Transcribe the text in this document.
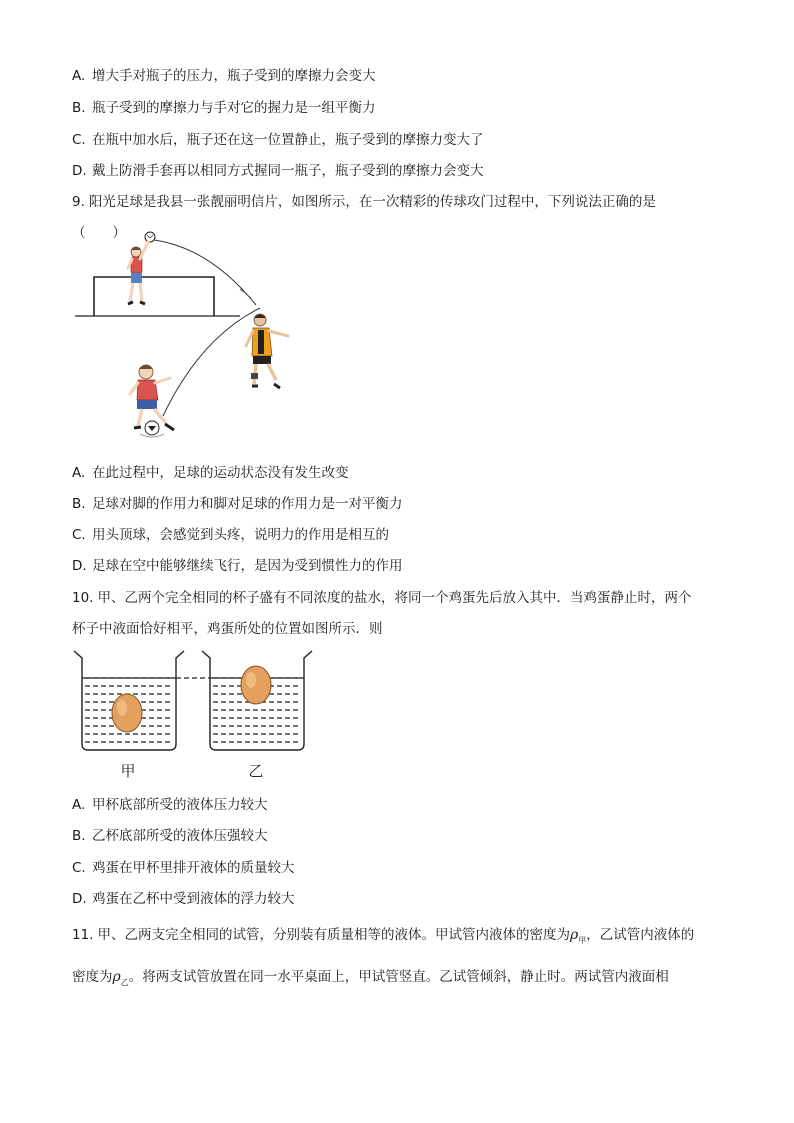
A. 增大手对瓶子的压力，瓶子受到的摩擦力会变大
B. 瓶子受到的摩擦力与手对它的握力是一组平衡力
C. 在瓶中加水后，瓶子还在这一位置静止，瓶子受到的摩擦力变大了
D. 戴上防滑手套再以相同方式握同一瓶子，瓶子受到的摩擦力会变大
9. 阳光足球是我县一张靓丽明信片，如图所示，在一次精彩的传球攻门过程中，下列说法正确的是
（　　）
A. 在此过程中，足球的运动状态没有发生改变
B. 足球对脚的作用力和脚对足球的作用力是一对平衡力
C. 用头顶球，会感觉到头疼，说明力的作用是相互的
D. 足球在空中能够继续飞行，是因为受到惯性力的作用
10. 甲、乙两个完全相同的杯子盛有不同浓度的盐水，将同一个鸡蛋先后放入其中．当鸡蛋静止时，两个
杯子中液面恰好相平，鸡蛋所处的位置如图所示．则
甲	乙
A. 甲杯底部所受的液体压力较大
B. 乙杯底部所受的液体压强较大
C. 鸡蛋在甲杯里排开液体的质量较大
D. 鸡蛋在乙杯中受到液体的浮力较大
11. 甲、乙两支完全相同的试管，分别装有质量相等的液体。甲试管内液体的密度为$\rho_甲$，乙试管内液体的
密度为$\rho_乙$。将两支试管放置在同一水平桌面上，甲试管竖直。乙试管倾斜，静止时。两试管内液面相
